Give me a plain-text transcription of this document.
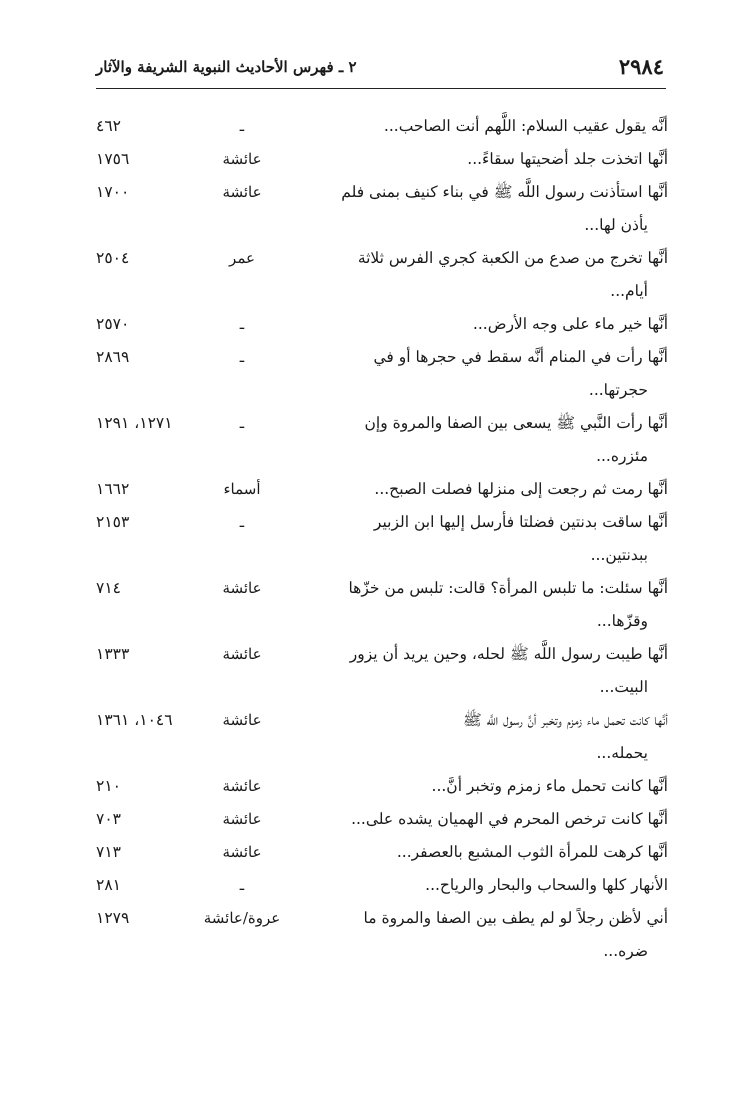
٢٩٨٤
٢ ـ فهرس الأحاديث النبوية الشريفة والآثار
أنَّه يقول عقيب السلام: اللَّهم أنت الصاحب...
ـ
٤٦٢
أنَّها اتخذت جلد أضحيتها سقاءً...
عائشة
١٧٥٦
أنَّها استأذنت رسول اللَّه ﷺ في بناء كنيف بمنى فلم
يأذن لها...
عائشة
١٧٠٠
أنَّها تخرج من صدع من الكعبة كجري الفرس ثلاثة
أيام...
عمر
٢٥٠٤
أنَّها خير ماء على وجه الأرض...
ـ
٢٥٧٠
أنَّها رأت في المنام أنَّه سقط في حجرها أو في
حجرتها...
ـ
٢٨٦٩
أنَّها رأت النَّبي ﷺ يسعى بين الصفا والمروة وإن
مئزره...
ـ
١٢٧١، ١٢٩١
أنَّها رمت ثم رجعت إلى منزلها فصلت الصبح...
أسماء
١٦٦٢
أنَّها ساقت بدنتين فضلتا فأرسل إليها ابن الزبير
ببدنتين...
ـ
٢١٥٣
أنَّها سئلت: ما تلبس المرأة؟ قالت: تلبس من خزّها
وقزّها...
عائشة
٧١٤
أنَّها طيبت رسول اللَّه ﷺ لحله، وحين يريد أن يزور
البيت...
عائشة
١٣٣٣
أنَّها كانت تحمل ماء زمزم وتخبر أنَّ رسول اللَّه ﷺ
يحمله...
عائشة
١٠٤٦، ١٣٦١
أنَّها كانت تحمل ماء زمزم وتخبر أنَّ...
عائشة
٢١٠
أنَّها كانت ترخص المحرم في الهميان يشده على...
عائشة
٧٠٣
أنَّها كرهت للمرأة الثوب المشبع بالعصفر...
عائشة
٧١٣
الأنهار كلها والسحاب والبحار والرياح...
ـ
٢٨١
أني لأظن رجلاً لو لم يطف بين الصفا والمروة ما
ضره...
عروة/عائشة
١٢٧٩
